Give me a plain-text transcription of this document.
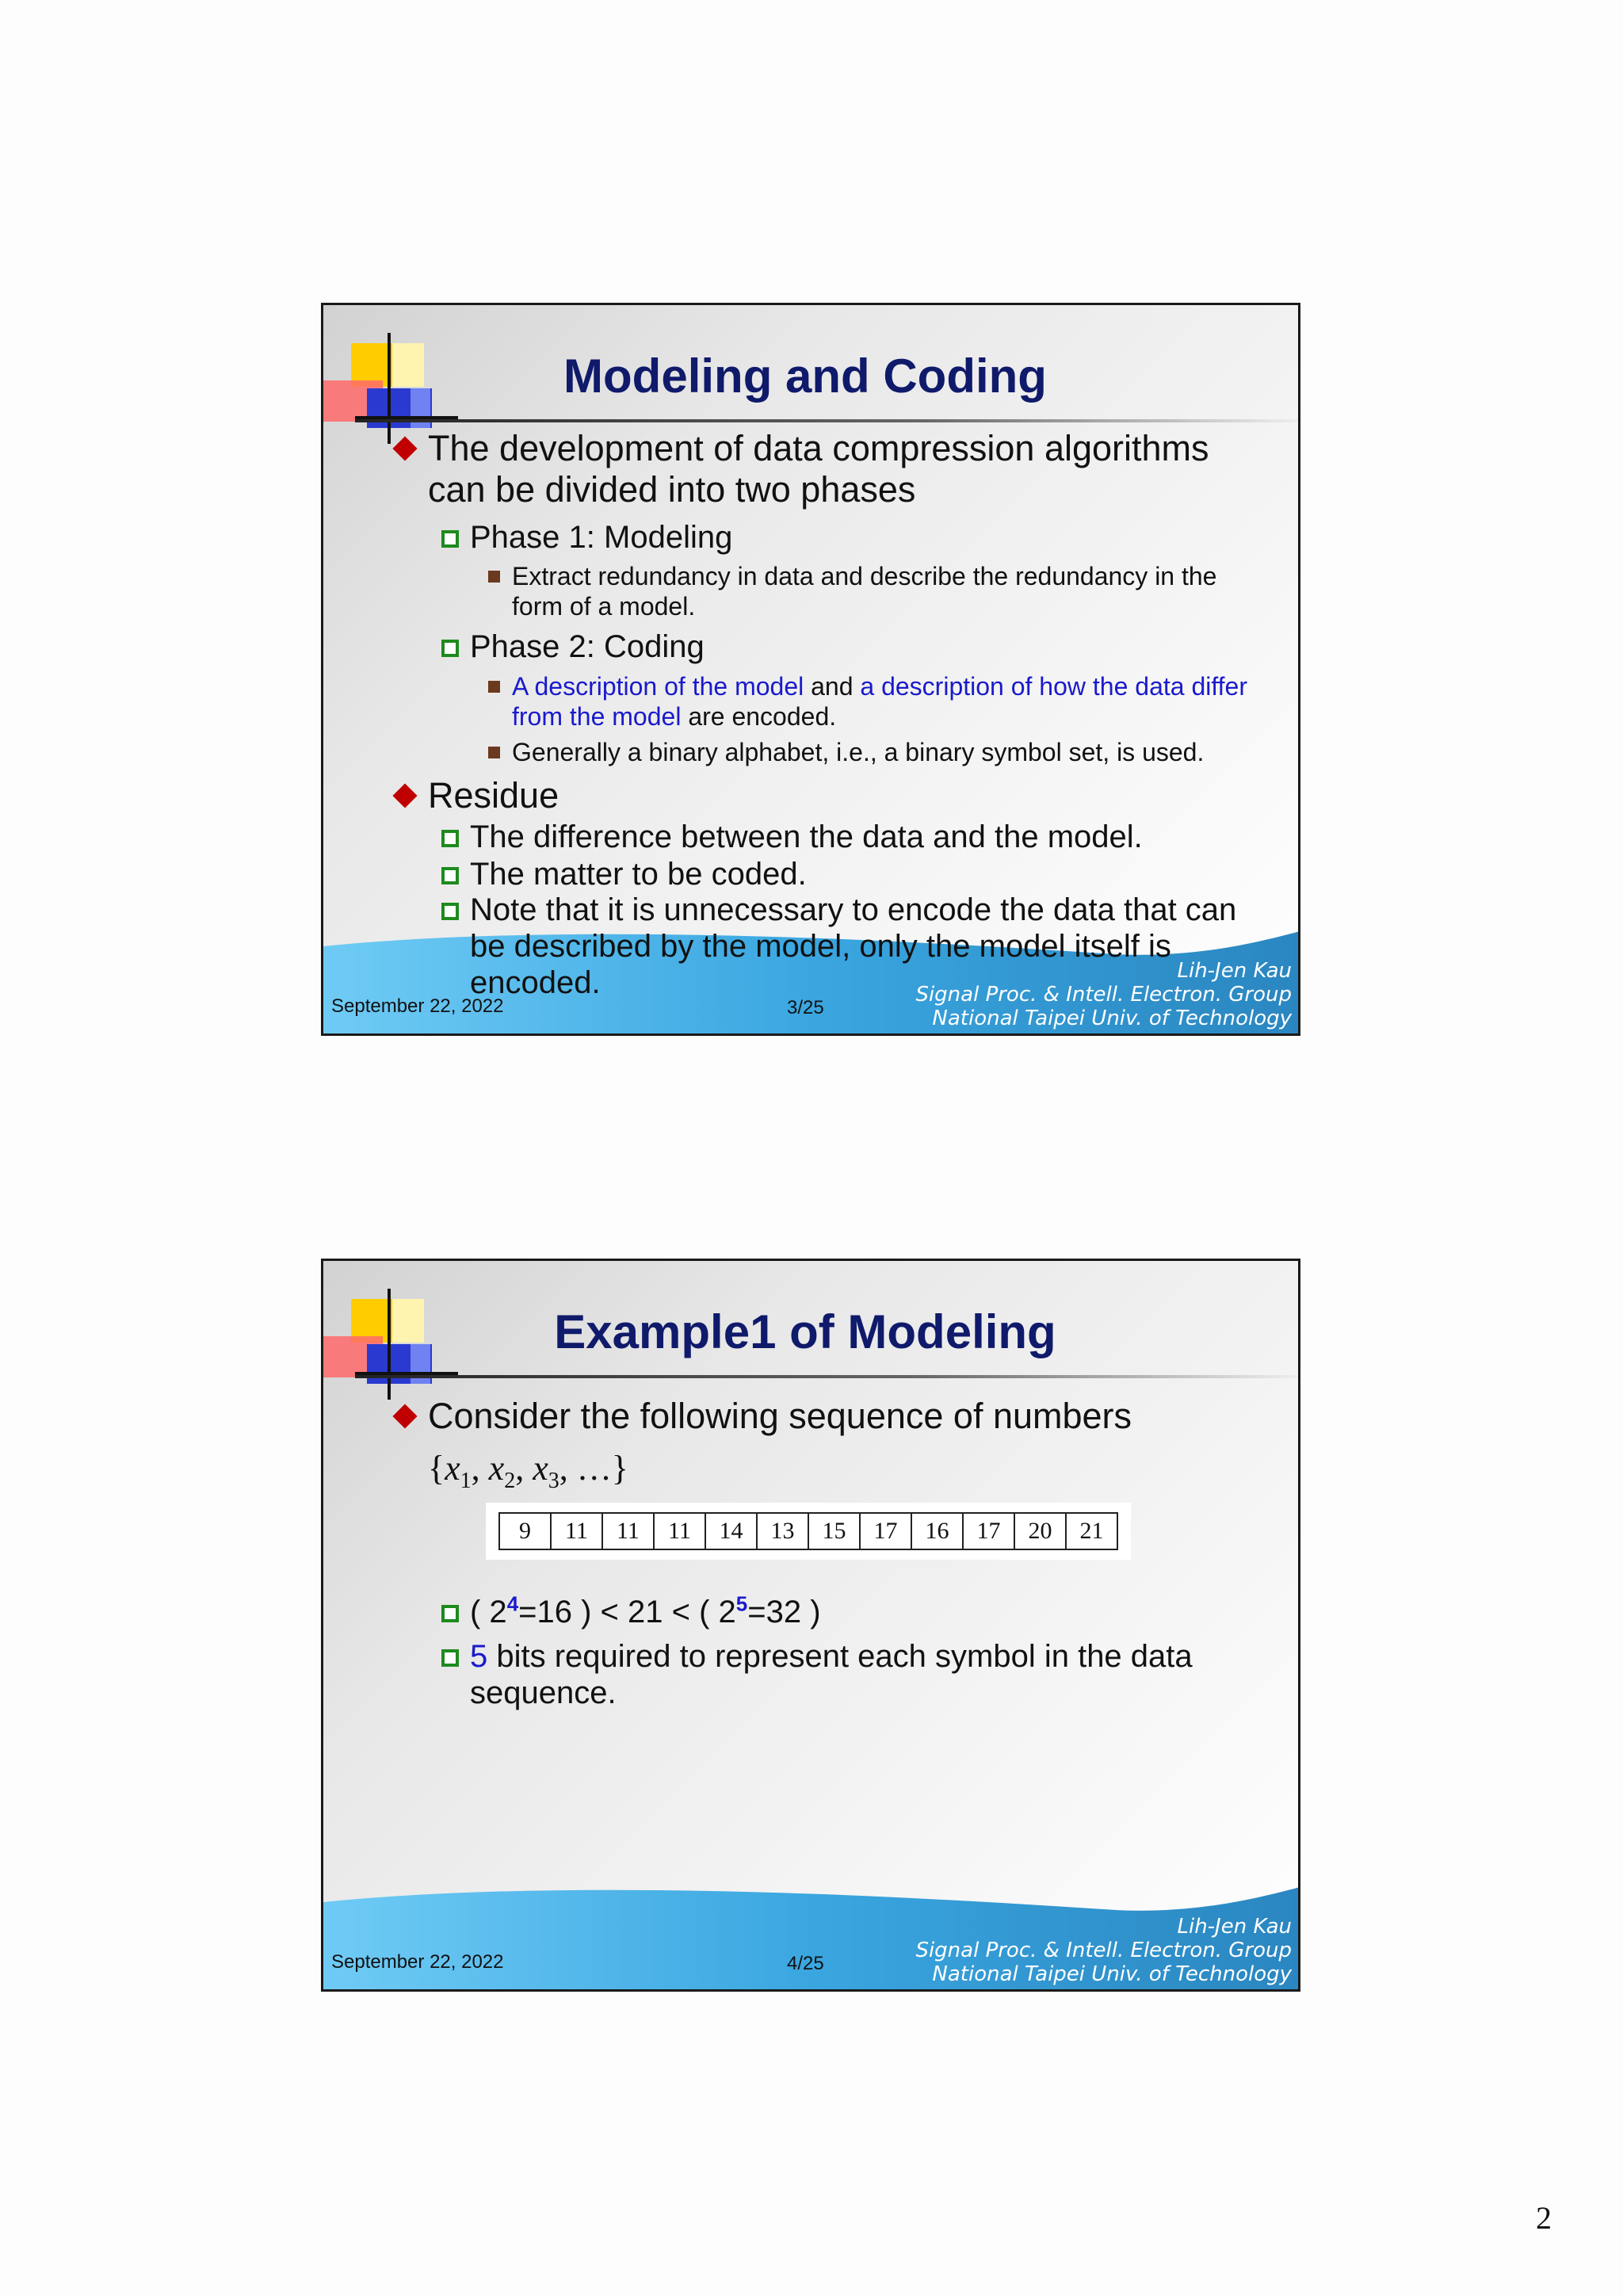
Modeling and Coding
The development of data compression algorithms can be divided into two phases
Phase 1: Modeling
Extract redundancy in data and describe the redundancy in the form of a model.
Phase 2: Coding
A description of the model and a description of how the data differ from the model are encoded.
Generally a binary alphabet, i.e., a binary symbol set, is used.
Residue
The difference between the data and the model.
The matter to be coded.
Note that it is unnecessary to encode the data that can be described by the model, only the model itself is encoded.
September 22, 2022	3/25
Lih-Jen Kau
Signal Proc. & Intell. Electron. Group
National Taipei Univ. of Technology
Example1 of Modeling
Consider the following sequence of numbers
{$x_1$, $x_2$, $x_3$, …}
9	11	11	11	14	13	15	17	16	17	20	21
( $2^4=16$ ) < 21 < ( $2^5=32$ )
5 bits required to represent each symbol in the data sequence.
September 22, 2022	4/25
Lih-Jen Kau
Signal Proc. & Intell. Electron. Group
National Taipei Univ. of Technology
2
